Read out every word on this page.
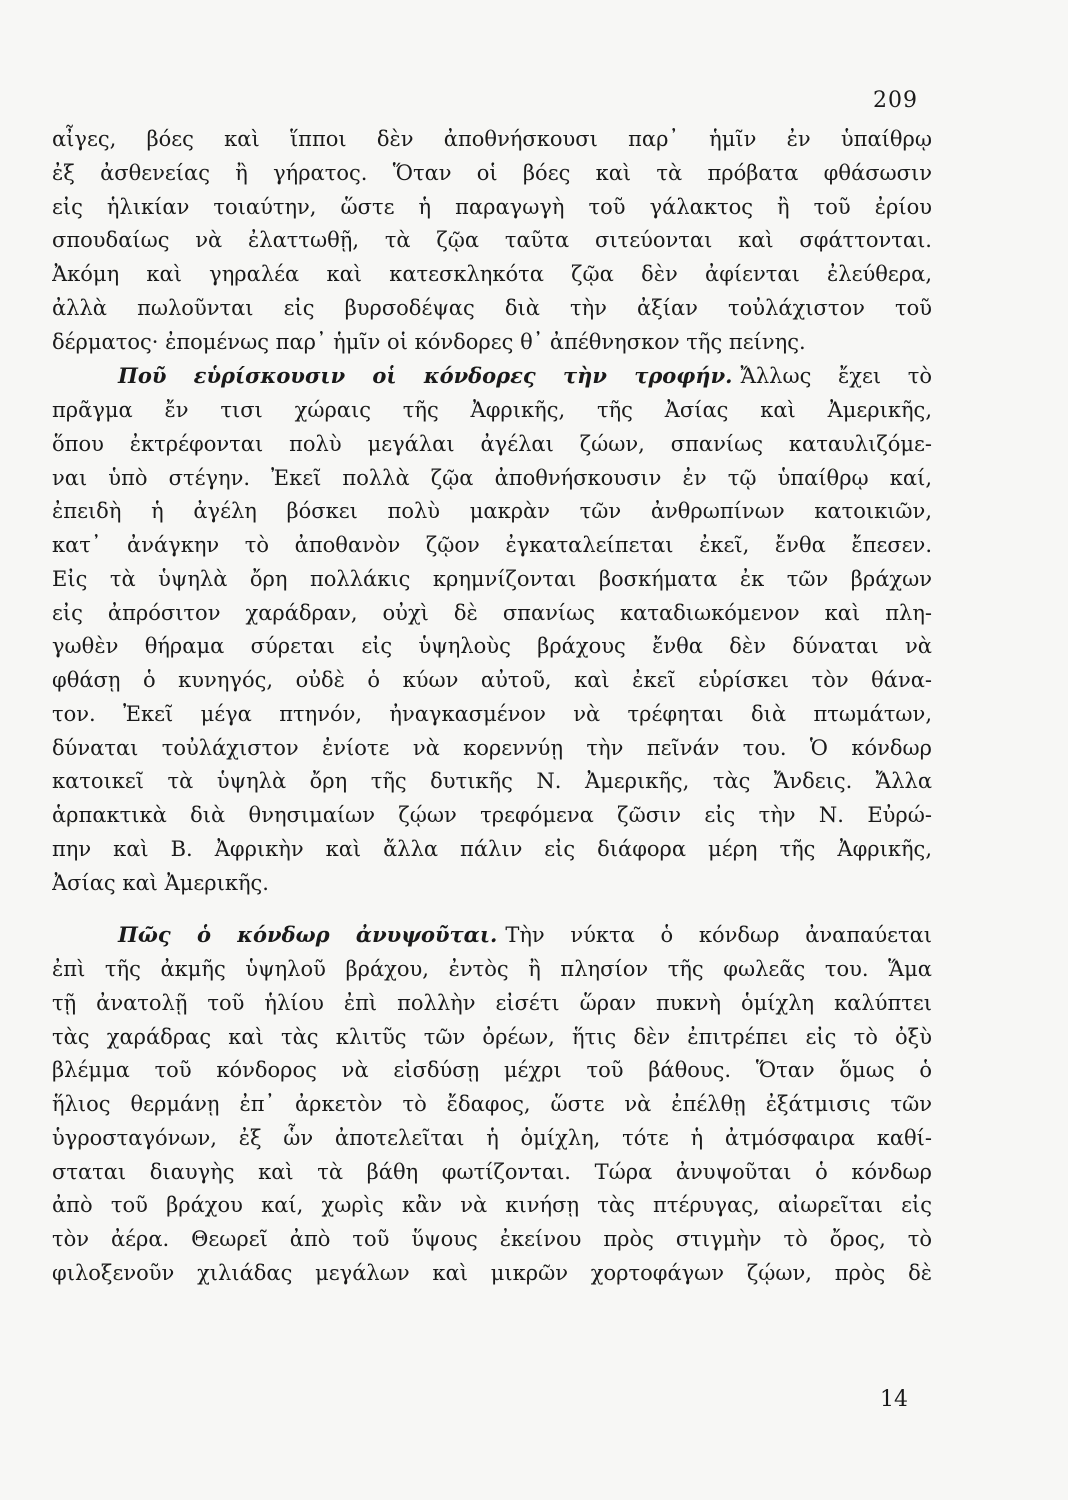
209
αἶγες, βόες καὶ ἵπποι δὲν ἀποθνήσκουσι παρ᾽ ἡμῖν ἐν ὑπαίθρῳ
ἐξ ἀσθενείας ἢ γήρατος. Ὅταν οἱ βόες καὶ τὰ πρόβατα φθάσωσιν
εἰς ἡλικίαν τοιαύτην, ὥστε ἡ παραγωγὴ τοῦ γάλακτος ἢ τοῦ ἐρίου
σπουδαίως νὰ ἐλαττωθῇ, τὰ ζῷα ταῦτα σιτεύονται καὶ σφάττονται.
Ἀκόμη καὶ γηραλέα καὶ κατεσκληκότα ζῷα δὲν ἀφίενται ἐλεύθερα,
ἀλλὰ πωλοῦνται εἰς βυρσοδέψας διὰ τὴν ἀξίαν τοὐλάχιστον τοῦ
δέρματος· ἐπομένως παρ᾽ ἡμῖν οἱ κόνδορες θ᾽ ἀπέθνησκον τῆς πείνης.
Ποῦ εὑρίσκουσιν οἱ κόνδορες τὴν τροφήν. Ἄλλως ἔχει τὸ
πρᾶγμα ἔν τισι χώραις τῆς Ἀφρικῆς, τῆς Ἀσίας καὶ Ἀμερικῆς,
ὅπου ἐκτρέφονται πολὺ μεγάλαι ἀγέλαι ζώων, σπανίως καταυλιζόμε-
ναι ὑπὸ στέγην. Ἐκεῖ πολλὰ ζῷα ἀποθνήσκουσιν ἐν τῷ ὑπαίθρῳ καί,
ἐπειδὴ ἡ ἀγέλη βόσκει πολὺ μακρὰν τῶν ἀνθρωπίνων κατοικιῶν,
κατ᾽ ἀνάγκην τὸ ἀποθανὸν ζῷον ἐγκαταλείπεται ἐκεῖ, ἔνθα ἔπεσεν.
Εἰς τὰ ὑψηλὰ ὄρη πολλάκις κρημνίζονται βοσκήματα ἐκ τῶν βράχων
εἰς ἀπρόσιτον χαράδραν, οὐχὶ δὲ σπανίως καταδιωκόμενον καὶ πλη-
γωθὲν θήραμα σύρεται εἰς ὑψηλοὺς βράχους ἔνθα δὲν δύναται νὰ
φθάσῃ ὁ κυνηγός, οὐδὲ ὁ κύων αὐτοῦ, καὶ ἐκεῖ εὑρίσκει τὸν θάνα-
τον. Ἐκεῖ μέγα πτηνόν, ἠναγκασμένον νὰ τρέφηται διὰ πτωμάτων,
δύναται τοὐλάχιστον ἐνίοτε νὰ κορεννύῃ τὴν πεῖνάν του. Ὁ κόνδωρ
κατοικεῖ τὰ ὑψηλὰ ὄρη τῆς δυτικῆς Ν. Ἀμερικῆς, τὰς Ἄνδεις. Ἄλλα
ἁρπακτικὰ διὰ θνησιμαίων ζῴων τρεφόμενα ζῶσιν εἰς τὴν Ν. Εὐρώ-
πην καὶ Β. Ἀφρικὴν καὶ ἄλλα πάλιν εἰς διάφορα μέρη τῆς Ἀφρικῆς,
Ἀσίας καὶ Ἀμερικῆς.
Πῶς ὁ κόνδωρ ἀνυψοῦται. Τὴν νύκτα ὁ κόνδωρ ἀναπαύεται
ἐπὶ τῆς ἀκμῆς ὑψηλοῦ βράχου, ἐντὸς ἢ πλησίον τῆς φωλεᾶς του. Ἅμα
τῇ ἀνατολῇ τοῦ ἡλίου ἐπὶ πολλὴν εἰσέτι ὥραν πυκνὴ ὁμίχλη καλύπτει
τὰς χαράδρας καὶ τὰς κλιτῦς τῶν ὀρέων, ἥτις δὲν ἐπιτρέπει εἰς τὸ ὀξὺ
βλέμμα τοῦ κόνδορος νὰ εἰσδύσῃ μέχρι τοῦ βάθους. Ὅταν ὅμως ὁ
ἥλιος θερμάνῃ ἐπ᾽ ἀρκετὸν τὸ ἔδαφος, ὥστε νὰ ἐπέλθῃ ἐξάτμισις τῶν
ὑγροσταγόνων, ἐξ ὧν ἀποτελεῖται ἡ ὁμίχλη, τότε ἡ ἀτμόσφαιρα καθί-
σταται διαυγὴς καὶ τὰ βάθη φωτίζονται. Τώρα ἀνυψοῦται ὁ κόνδωρ
ἀπὸ τοῦ βράχου καί, χωρὶς κἂν νὰ κινήσῃ τὰς πτέρυγας, αἰωρεῖται εἰς
τὸν ἀέρα. Θεωρεῖ ἀπὸ τοῦ ὕψους ἐκείνου πρὸς στιγμὴν τὸ ὄρος, τὸ
φιλοξενοῦν χιλιάδας μεγάλων καὶ μικρῶν χορτοφάγων ζῴων, πρὸς δὲ
14
